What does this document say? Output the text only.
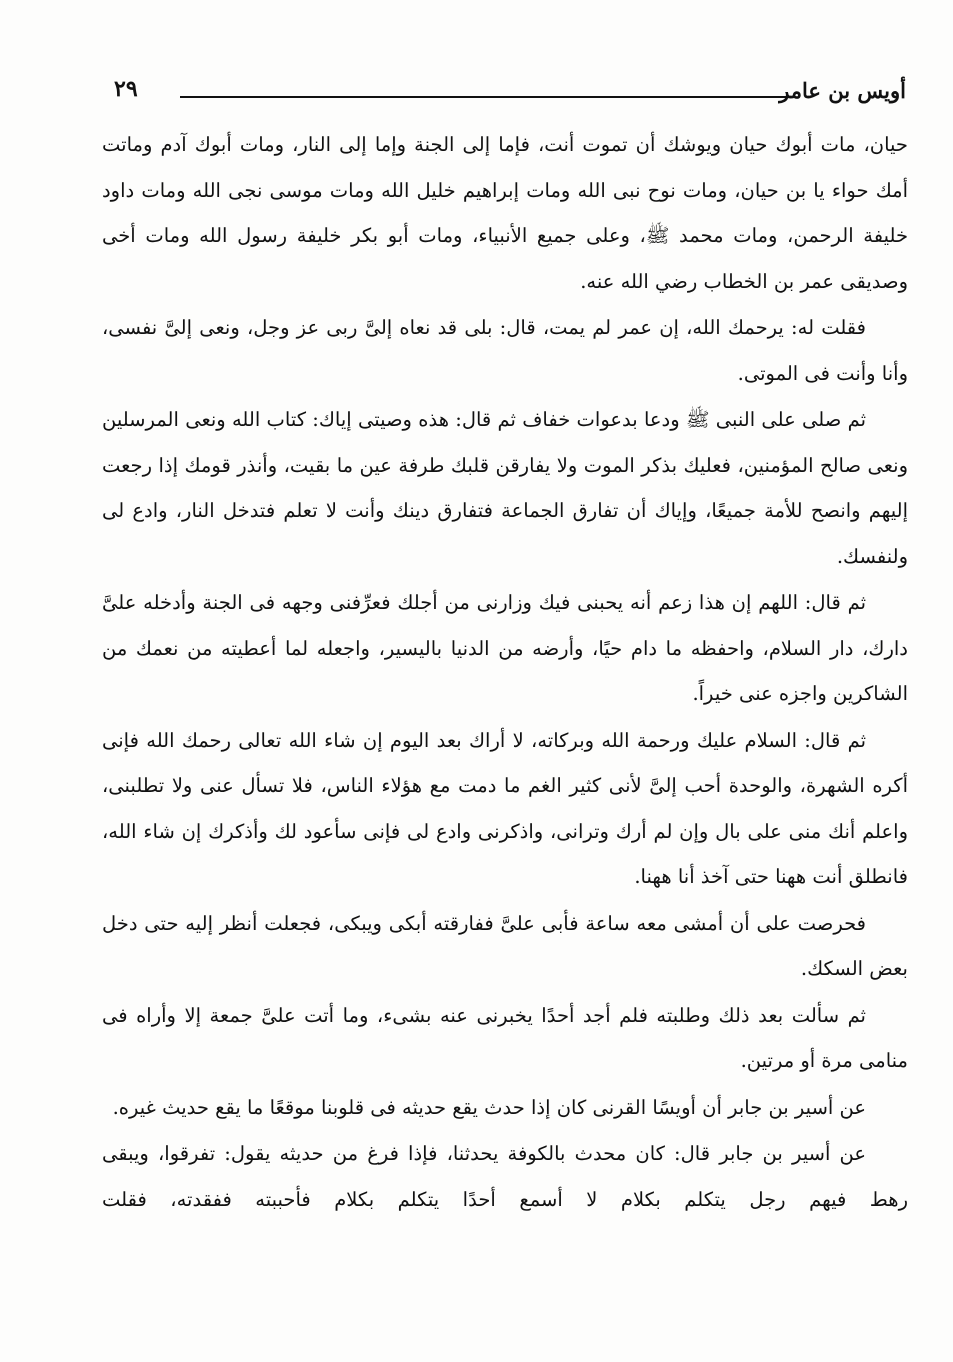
٢٩	أويس بن عامر

حيان، مات أبوك حيان ويوشك أن تموت أنت، فإما إلى الجنة وإما إلى النار، ومات أبوك آدم وماتت أمك حواء يا بن حيان، ومات نوح نبى الله ومات إبراهيم خليل الله ومات موسى نجى الله ومات داود خليفة الرحمن، ومات محمد ﷺ، وعلى جميع الأنبياء، ومات أبو بكر خليفة رسول الله ومات أخى وصديقى عمر بن الخطاب رضي الله عنه.

فقلت له: يرحمك الله، إن عمر لم يمت، قال: بلى قد نعاه إلىَّ ربى عز وجل، ونعى إلىَّ نفسى، وأنا وأنت فى الموتى.

ثم صلى على النبى ﷺ ودعا بدعوات خفاف ثم قال: هذه وصيتى إياك: كتاب الله ونعى المرسلين ونعى صالح المؤمنين، فعليك بذكر الموت ولا يفارقن قلبك طرفة عين ما بقيت، وأنذر قومك إذا رجعت إليهم وانصح للأمة جميعًا، وإياك أن تفارق الجماعة فتفارق دينك وأنت لا تعلم فتدخل النار، وادع لى ولنفسك.

ثم قال: اللهم إن هذا زعم أنه يحبنى فيك وزارنى من أجلك فعرِّفنى وجهه فى الجنة وأدخله علىَّ دارك، دار السلام، واحفظه ما دام حيًا، وأرضه من الدنيا باليسير، واجعله لما أعطيته من نعمك من الشاكرين واجزه عنى خيراً.

ثم قال: السلام عليك ورحمة الله وبركاته، لا أراك بعد اليوم إن شاء الله تعالى رحمك الله فإنى أكره الشهرة، والوحدة أحب إلىَّ لأنى كثير الغم ما دمت مع هؤلاء الناس، فلا تسأل عنى ولا تطلبنى، واعلم أنك منى على بال وإن لم أرك وترانى، واذكرنى وادع لى فإنى سأعود لك وأذكرك إن شاء الله، فانطلق أنت ههنا حتى آخذ أنا ههنا.

فحرصت على أن أمشى معه ساعة فأبى علىَّ ففارقته أبكى ويبكى، فجعلت أنظر إليه حتى دخل بعض السكك.

ثم سألت بعد ذلك وطلبته فلم أجد أحدًا يخبرنى عنه بشىء، وما أتت علىَّ جمعة إلا وأراه فى منامى مرة أو مرتين.

عن أسير بن جابر أن أويسًا القرنى كان إذا حدث يقع حديثه فى قلوبنا موقعًا ما يقع حديث غيره.

عن أسير بن جابر قال: كان محدث بالكوفة يحدثنا، فإذا فرغ من حديثه يقول: تفرقوا، ويبقى رهط فيهم رجل يتكلم بكلام لا أسمع أحدًا يتكلم بكلام فأحببته ففقدته، فقلت
